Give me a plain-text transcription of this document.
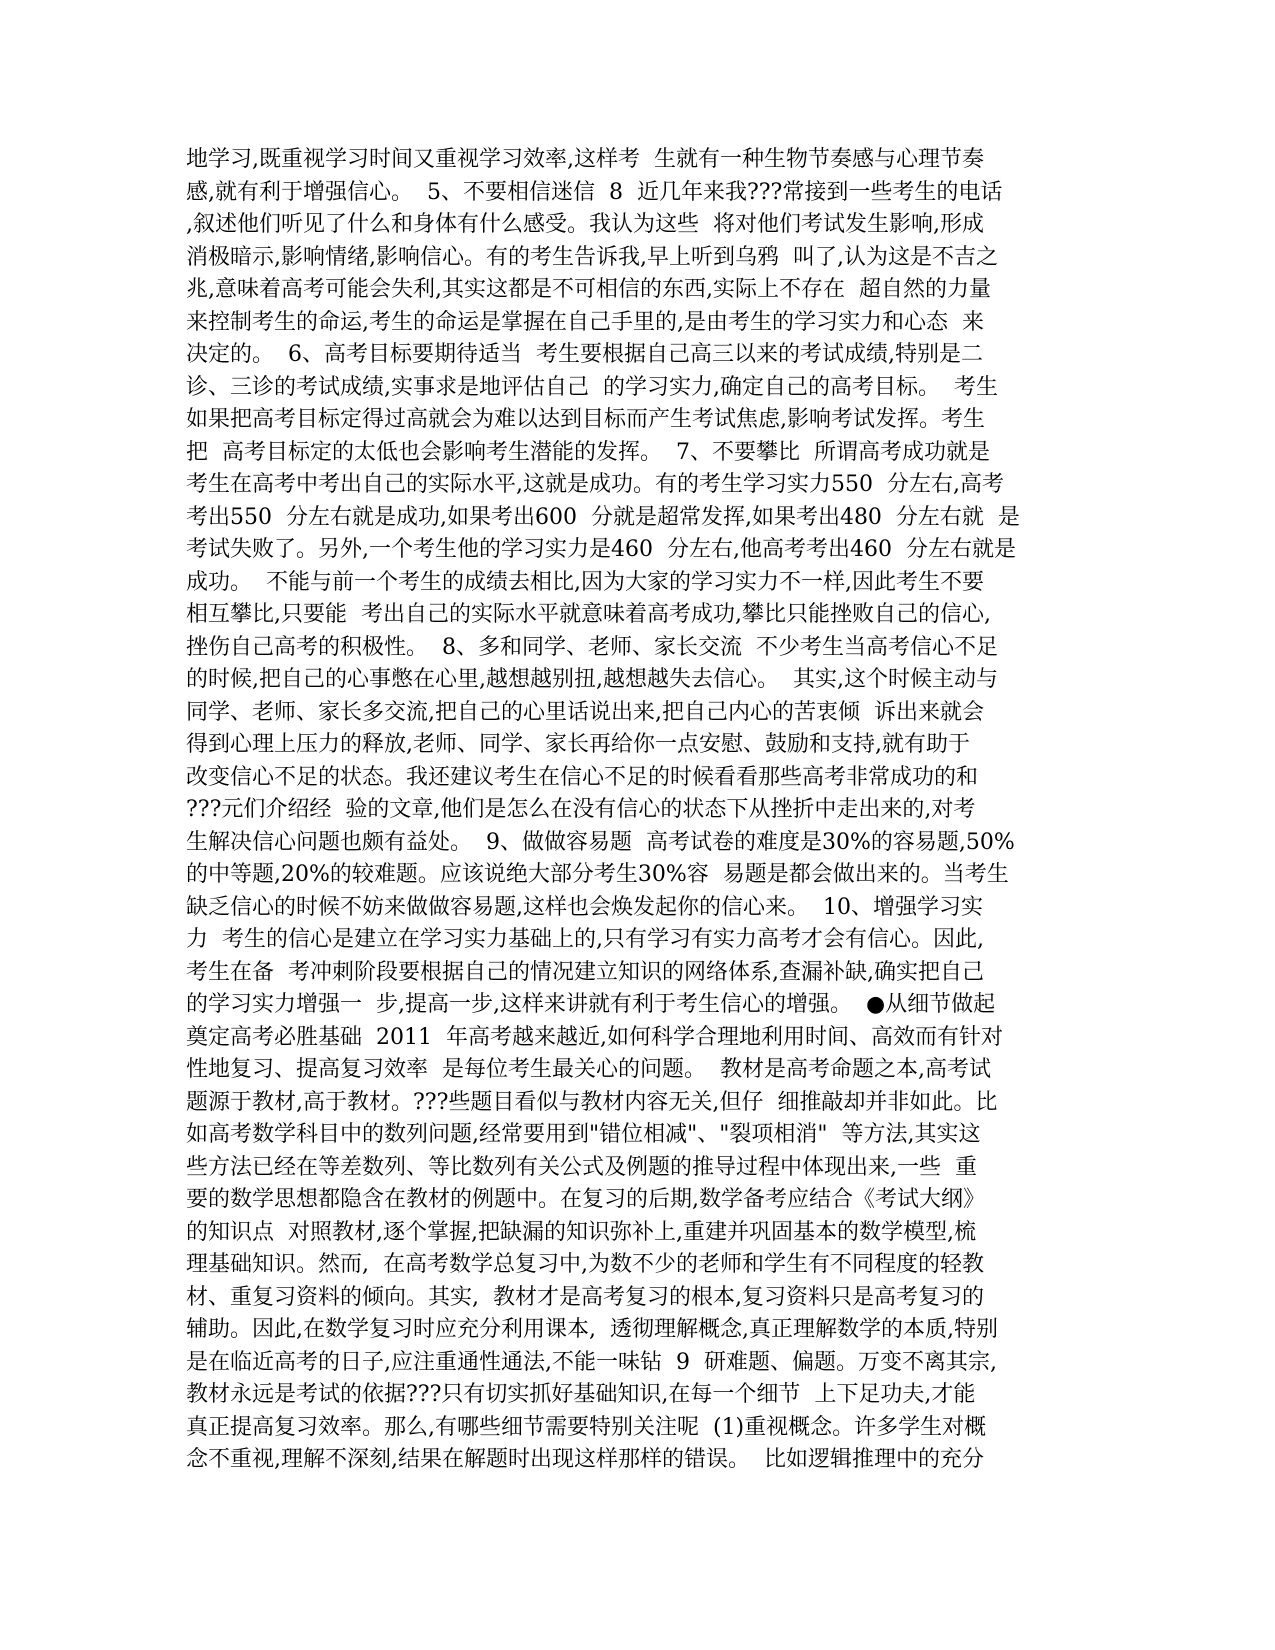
地学习,既重视学习时间又重视学习效率,这样考  生就有一种生物节奏感与心理节奏
感,就有利于增强信心。  5、不要相信迷信  8  近几年来我???常接到一些考生的电话
,叙述他们听见了什么和身体有什么感受。我认为这些  将对他们考试发生影响,形成
消极暗示,影响情绪,影响信心。有的考生告诉我,早上听到乌鸦  叫了,认为这是不吉之
兆,意味着高考可能会失利,其实这都是不可相信的东西,实际上不存在  超自然的力量
来控制考生的命运,考生的命运是掌握在自己手里的,是由考生的学习实力和心态  来
决定的。  6、高考目标要期待适当  考生要根据自己高三以来的考试成绩,特别是二
诊、三诊的考试成绩,实事求是地评估自己  的学习实力,确定自己的高考目标。  考生
如果把高考目标定得过高就会为难以达到目标而产生考试焦虑,影响考试发挥。考生
把  高考目标定的太低也会影响考生潜能的发挥。  7、不要攀比  所谓高考成功就是
考生在高考中考出自己的实际水平,这就是成功。有的考生学习实力550  分左右,高考
考出550  分左右就是成功,如果考出600  分就是超常发挥,如果考出480  分左右就  是
考试失败了。另外,一个考生他的学习实力是460  分左右,他高考考出460  分左右就是
成功。  不能与前一个考生的成绩去相比,因为大家的学习实力不一样,因此考生不要
相互攀比,只要能  考出自己的实际水平就意味着高考成功,攀比只能挫败自己的信心,
挫伤自己高考的积极性。  8、多和同学、老师、家长交流  不少考生当高考信心不足
的时候,把自己的心事憋在心里,越想越别扭,越想越失去信心。  其实,这个时候主动与
同学、老师、家长多交流,把自己的心里话说出来,把自己内心的苦衷倾  诉出来就会
得到心理上压力的释放,老师、同学、家长再给你一点安慰、鼓励和支持,就有助于
改变信心不足的状态。我还建议考生在信心不足的时候看看那些高考非常成功的和
???元们介绍经  验的文章,他们是怎么在没有信心的状态下从挫折中走出来的,对考
生解决信心问题也颇有益处。  9、做做容易题  高考试卷的难度是30%的容易题,50%
的中等题,20%的较难题。应该说绝大部分考生30%容  易题是都会做出来的。当考生
缺乏信心的时候不妨来做做容易题,这样也会焕发起你的信心来。  10、增强学习实
力  考生的信心是建立在学习实力基础上的,只有学习有实力高考才会有信心。因此,
考生在备  考冲刺阶段要根据自己的情况建立知识的网络体系,查漏补缺,确实把自己
的学习实力增强一  步,提高一步,这样来讲就有利于考生信心的增强。  ●从细节做起
奠定高考必胜基础  2011  年高考越来越近,如何科学合理地利用时间、高效而有针对
性地复习、提高复习效率  是每位考生最关心的问题。  教材是高考命题之本,高考试
题源于教材,高于教材。???些题目看似与教材内容无关,但仔  细推敲却并非如此。比
如高考数学科目中的数列问题,经常要用到"错位相减"、"裂项相消"  等方法,其实这
些方法已经在等差数列、等比数列有关公式及例题的推导过程中体现出来,一些  重
要的数学思想都隐含在教材的例题中。在复习的后期,数学备考应结合《考试大纲》
的知识点  对照教材,逐个掌握,把缺漏的知识弥补上,重建并巩固基本的数学模型,梳
理基础知识。然而,  在高考数学总复习中,为数不少的老师和学生有不同程度的轻教
材、重复习资料的倾向。其实,  教材才是高考复习的根本,复习资料只是高考复习的
辅助。因此,在数学复习时应充分利用课本,  透彻理解概念,真正理解数学的本质,特别
是在临近高考的日子,应注重通性通法,不能一味钻  9  研难题、偏题。万变不离其宗,
教材永远是考试的依据???只有切实抓好基础知识,在每一个细节  上下足功夫,才能
真正提高复习效率。那么,有哪些细节需要特别关注呢  (1)重视概念。许多学生对概
念不重视,理解不深刻,结果在解题时出现这样那样的错误。  比如逻辑推理中的充分
